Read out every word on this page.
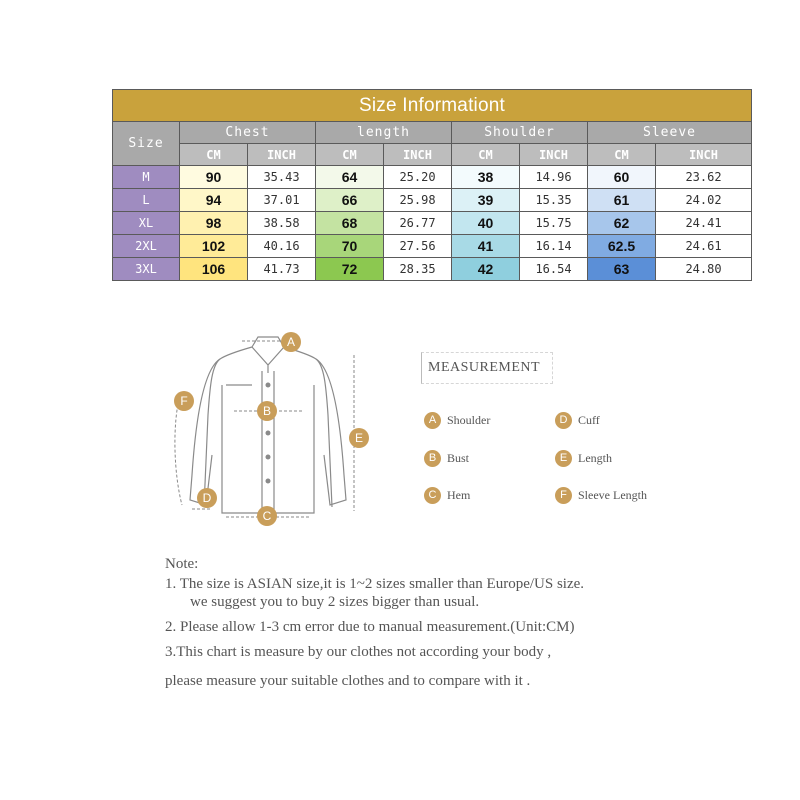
Size Informationt								
Size	Chest		length		Shoulder		Sleeve	
	CM	INCH	CM	INCH	CM	INCH	CM	INCH
M	90	35.43	64	25.20	38	14.96	60	23.62
L	94	37.01	66	25.98	39	15.35	61	24.02
XL	98	38.58	68	26.77	40	15.75	62	24.41
2XL	102	40.16	70	27.56	41	16.14	62.5	24.61
3XL	106	41.73	72	28.35	42	16.54	63	24.80
A
B
C
D
E
F
MEASUREMENT
A Shoulder
B Bust
C Hem
D Cuff
E Length
F Sleeve Length
Note:
1. The size is ASIAN size,it is 1~2 sizes smaller than Europe/US size.
we suggest you to buy 2 sizes bigger than usual.
2. Please allow 1-3 cm error due to manual measurement.(Unit:CM)
3.This chart is measure by our clothes not according your body ,
please measure your suitable clothes and to compare with it .
